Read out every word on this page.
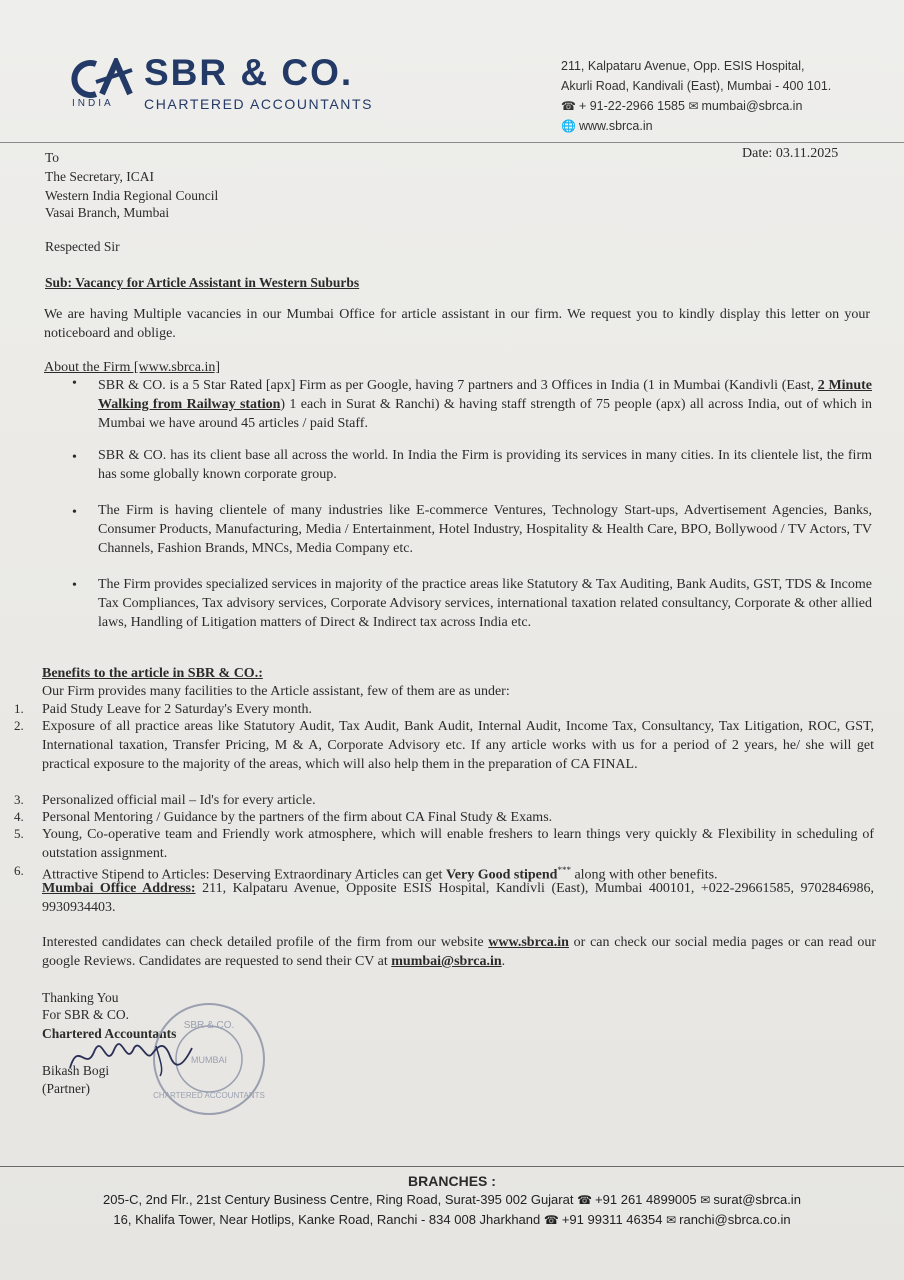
INDIA
SBR & CO.
CHARTERED ACCOUNTANTS
211, Kalpataru Avenue, Opp. ESIS Hospital,
Akurli Road, Kandivali (East), Mumbai - 400 101.
☎ + 91-22-2966 1585 ✉ mumbai@sbrca.in
🌐 www.sbrca.in
Date: 03.11.2025
To
The Secretary, ICAI
Western India Regional Council
Vasai Branch, Mumbai
Respected Sir
Sub: Vacancy for Article Assistant in Western Suburbs
We are having Multiple vacancies in our Mumbai Office for article assistant in our firm. We request you to kindly display this letter on your noticeboard and oblige.
About the Firm [www.sbrca.in]
• SBR & CO. is a 5 Star Rated [apx] Firm as per Google, having 7 partners and 3 Offices in India (1 in Mumbai (Kandivli (East, 2 Minute Walking from Railway station) 1 each in Surat & Ranchi) & having staff strength of 75 people (apx) all across India, out of which in Mumbai we have around 45 articles / paid Staff.
• SBR & CO. has its client base all across the world. In India the Firm is providing its services in many cities. In its clientele list, the firm has some globally known corporate group.
• The Firm is having clientele of many industries like E-commerce Ventures, Technology Start-ups, Advertisement Agencies, Banks, Consumer Products, Manufacturing, Media / Entertainment, Hotel Industry, Hospitality & Health Care, BPO, Bollywood / TV Actors, TV Channels, Fashion Brands, MNCs, Media Company etc.
• The Firm provides specialized services in majority of the practice areas like Statutory & Tax Auditing, Bank Audits, GST, TDS & Income Tax Compliances, Tax advisory services, Corporate Advisory services, international taxation related consultancy, Corporate & other allied laws, Handling of Litigation matters of Direct & Indirect tax across India etc.
Benefits to the article in SBR & CO.:
Our Firm provides many facilities to the Article assistant, few of them are as under:
1. Paid Study Leave for 2 Saturday's Every month.
2. Exposure of all practice areas like Statutory Audit, Tax Audit, Bank Audit, Internal Audit, Income Tax, Consultancy, Tax Litigation, ROC, GST, International taxation, Transfer Pricing, M & A, Corporate Advisory etc. If any article works with us for a period of 2 years, he/ she will get practical exposure to the majority of the areas, which will also help them in the preparation of CA FINAL.
3. Personalized official mail – Id's for every article.
4. Personal Mentoring / Guidance by the partners of the firm about CA Final Study & Exams.
5. Young, Co-operative team and Friendly work atmosphere, which will enable freshers to learn things very quickly & Flexibility in scheduling of outstation assignment.
6. Attractive Stipend to Articles: Deserving Extraordinary Articles can get Very Good stipend*** along with other benefits.
Mumbai Office Address: 211, Kalpataru Avenue, Opposite ESIS Hospital, Kandivli (East), Mumbai 400101, +022-29661585, 9702846986, 9930934403.
Interested candidates can check detailed profile of the firm from our website www.sbrca.in or can check our social media pages or can read our google Reviews. Candidates are requested to send their CV at mumbai@sbrca.in.
Thanking You
For SBR & CO.
Chartered Accountants
Bikash Bogi
(Partner)
SBR & CO.
MUMBAI
CHARTERED ACCOUNTANTS
BRANCHES :
205-C, 2nd Flr., 21st Century Business Centre, Ring Road, Surat-395 002 Gujarat ☎ +91 261 4899005 ✉ surat@sbrca.in
16, Khalifa Tower, Near Hotlips, Kanke Road, Ranchi - 834 008 Jharkhand ☎ +91 99311 46354 ✉ ranchi@sbrca.co.in
